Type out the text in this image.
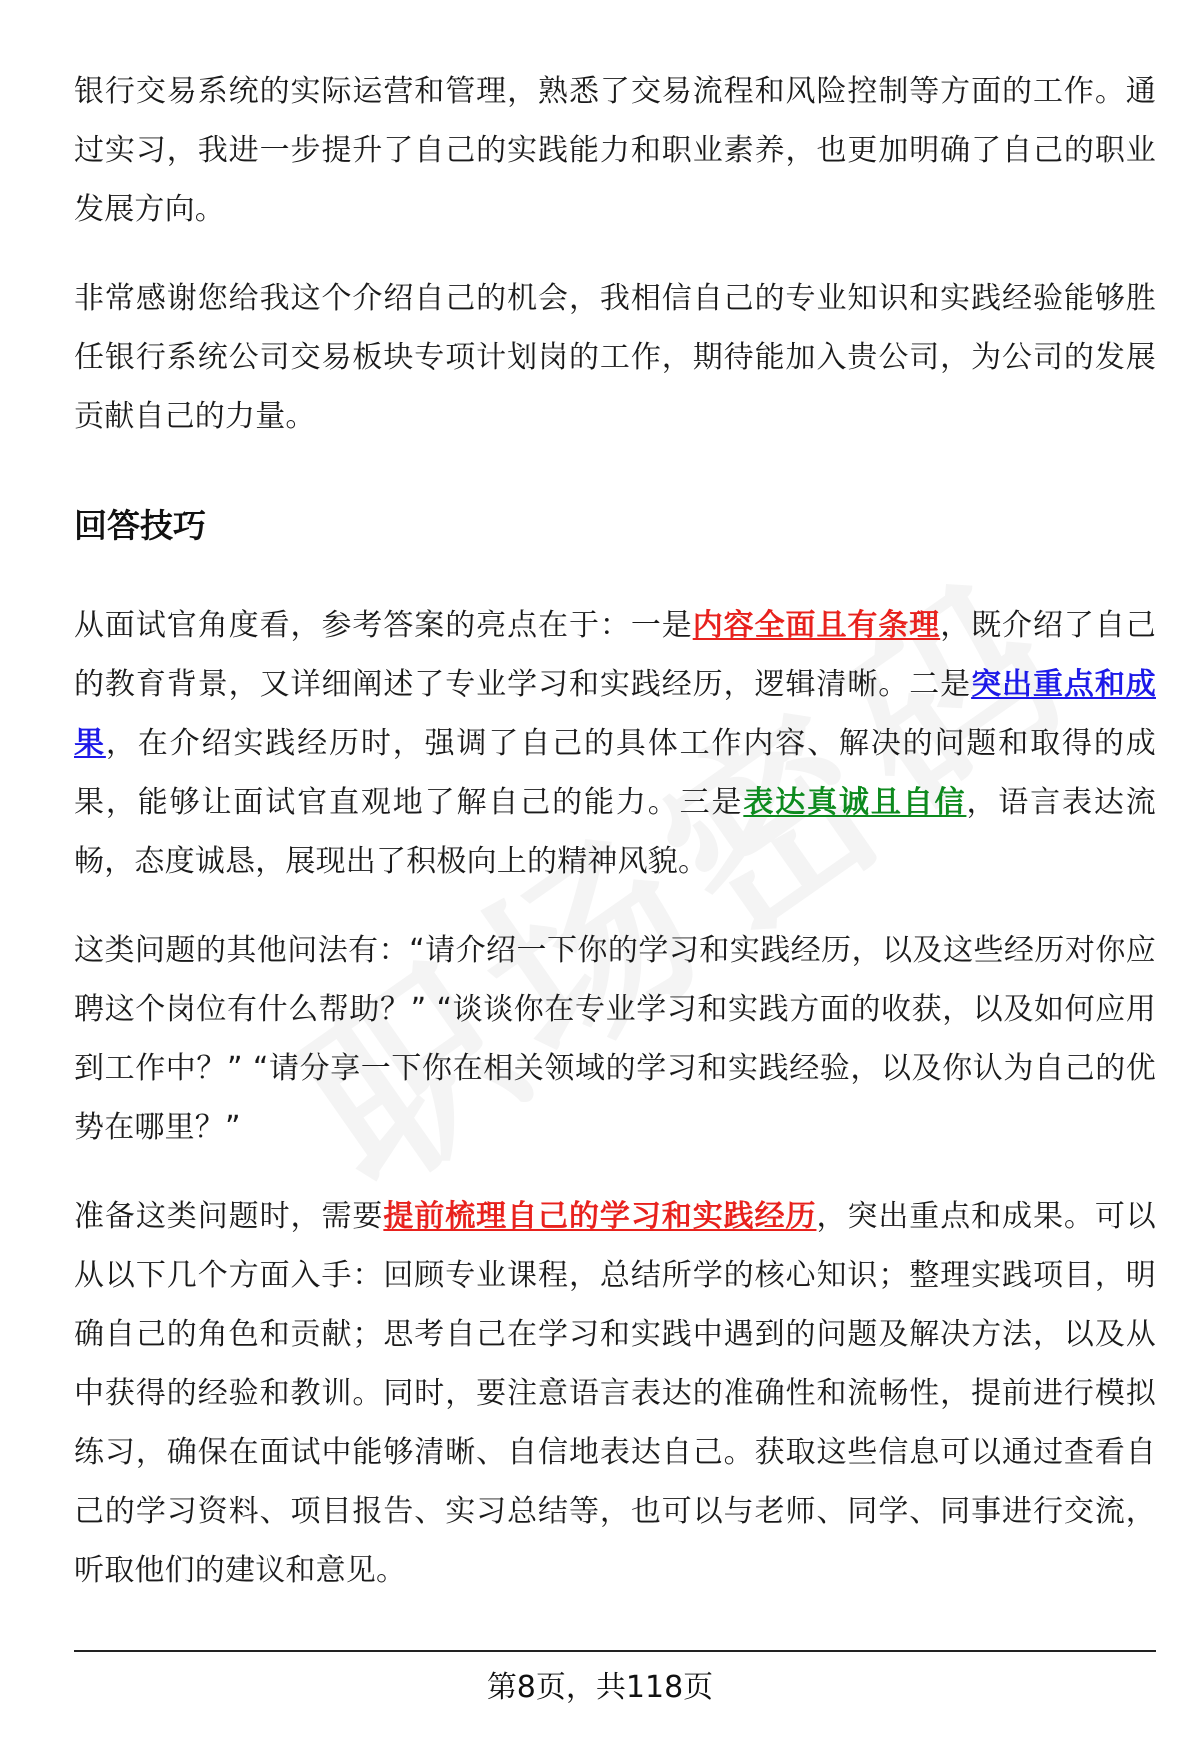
银行交易系统的实际运营和管理，熟悉了交易流程和风险控制等方面的工作。通过实习，我进一步提升了自己的实践能力和职业素养，也更加明确了自己的职业发展方向。

非常感谢您给我这个介绍自己的机会，我相信自己的专业知识和实践经验能够胜任银行系统公司交易板块专项计划岗的工作，期待能加入贵公司，为公司的发展贡献自己的力量。

回答技巧

从面试官角度看，参考答案的亮点在于：一是内容全面且有条理，既介绍了自己的教育背景，又详细阐述了专业学习和实践经历，逻辑清晰。二是突出重点和成果，在介绍实践经历时，强调了自己的具体工作内容、解决的问题和取得的成果，能够让面试官直观地了解自己的能力。三是表达真诚且自信，语言表达流畅，态度诚恳，展现出了积极向上的精神风貌。

这类问题的其他问法有：“请介绍一下你的学习和实践经历，以及这些经历对你应聘这个岗位有什么帮助？” “谈谈你在专业学习和实践方面的收获，以及如何应用到工作中？” “请分享一下你在相关领域的学习和实践经验，以及你认为自己的优势在哪里？”

准备这类问题时，需要提前梳理自己的学习和实践经历，突出重点和成果。可以从以下几个方面入手：回顾专业课程，总结所学的核心知识；整理实践项目，明确自己的角色和贡献；思考自己在学习和实践中遇到的问题及解决方法，以及从中获得的经验和教训。同时，要注意语言表达的准确性和流畅性，提前进行模拟练习，确保在面试中能够清晰、自信地表达自己。获取这些信息可以通过查看自己的学习资料、项目报告、实习总结等，也可以与老师、同学、同事进行交流，听取他们的建议和意见。

第8页，共118页
